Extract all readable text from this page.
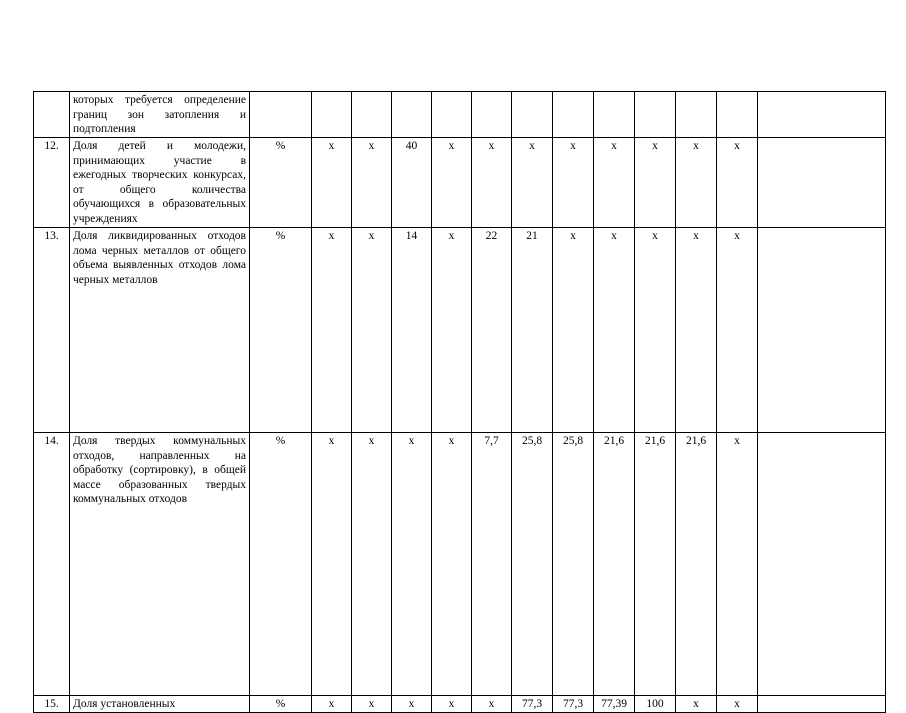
	которых требуется определение границ зон затопления и подтопления														
12.	Доля детей и молодежи, принимающих участие в ежегодных творческих конкурсах, от общего количества обучающихся в образовательных учреждениях	%	х	х	40	х	х	х	х	х	х	х	х		
13.	Доля ликвидированных отходов лома черных металлов от общего объема выявленных отходов лома черных металлов	%	х	х	14	х	22	21	х	х	х	х	х		
14.	Доля твердых коммунальных отходов, направленных на обработку (сортировку), в общей массе образованных твердых коммунальных отходов	%	х	х	х	х	7,7	25,8	25,8	21,6	21,6	21,6	х		
15.	Доля установленных	%	х	х	х	х	х	77,3	77,3	77,39	100	х	х		
